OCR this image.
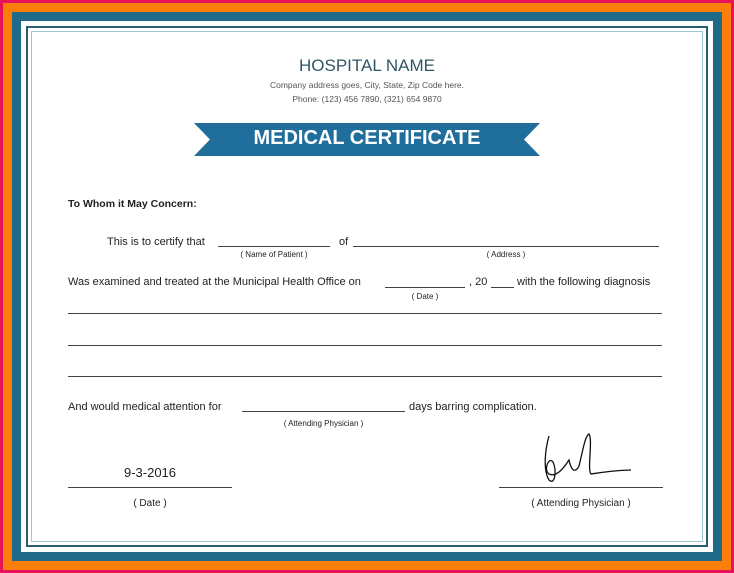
HOSPITAL NAME
Company address goes, City, State, Zip Code here.
Phone: (123) 456 7890, (321) 654 9870
MEDICAL CERTIFICATE
To Whom it May Concern:
This is to certify that	of
( Name of Patient )	( Address )
Was examined and treated at the Municipal Health Office on	, 20	with the following diagnosis
( Date )
And would medical attention for	days barring complication.
( Attending Physician )
9-3-2016
( Date )	( Attending Physician )
